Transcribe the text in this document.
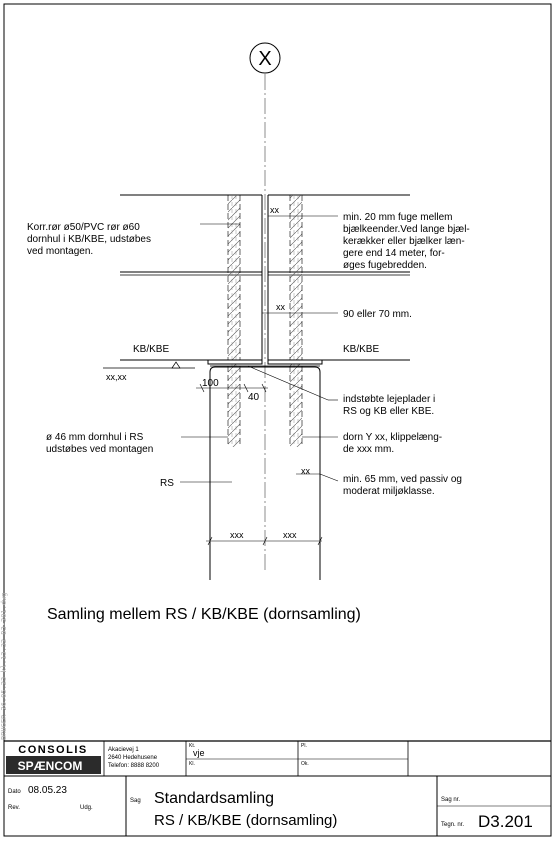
X
Korr.rør ø50/PVC rør ø60
dornhul i KB/KBE, udstøbes
ved montagen.
min. 20 mm fuge mellem
bjælkeender.Ved lange bjæl-
kerækker eller bjælker læn-
gere end 14 meter, for-
øges fugebredden.
xx
xx
90 eller 70 mm.
KB/KBE	KB/KBE
xx,xx
100
40	indstøbte lejeplader i
RS og KB eller KBE.
ø 46 mm dornhul i RS
udstøbes ved montagen
dorn Y xx, klippelæng-
de xxx mm.
RS
xx
min. 65 mm, ved passiv og
moderat miljøklasse.
xxx	xxx
Samling mellem RS / KB/KBE (dornsamling)
CONSOLIS
SPÆNCOM
Akacievej 1
2640 Hedehusene
Telefon: 8888 8200
Kt.
vje
Pl.
Kl.	Ok.
Dato 08.05.23
Rev.	Udg.
Sag Standardsamling
RS / KB/KBE (dornsamling)
Sag nr.
Tegn. nr. D3.201
BRUGER 26.05.23 kl.13.32 D3-201.dwg
